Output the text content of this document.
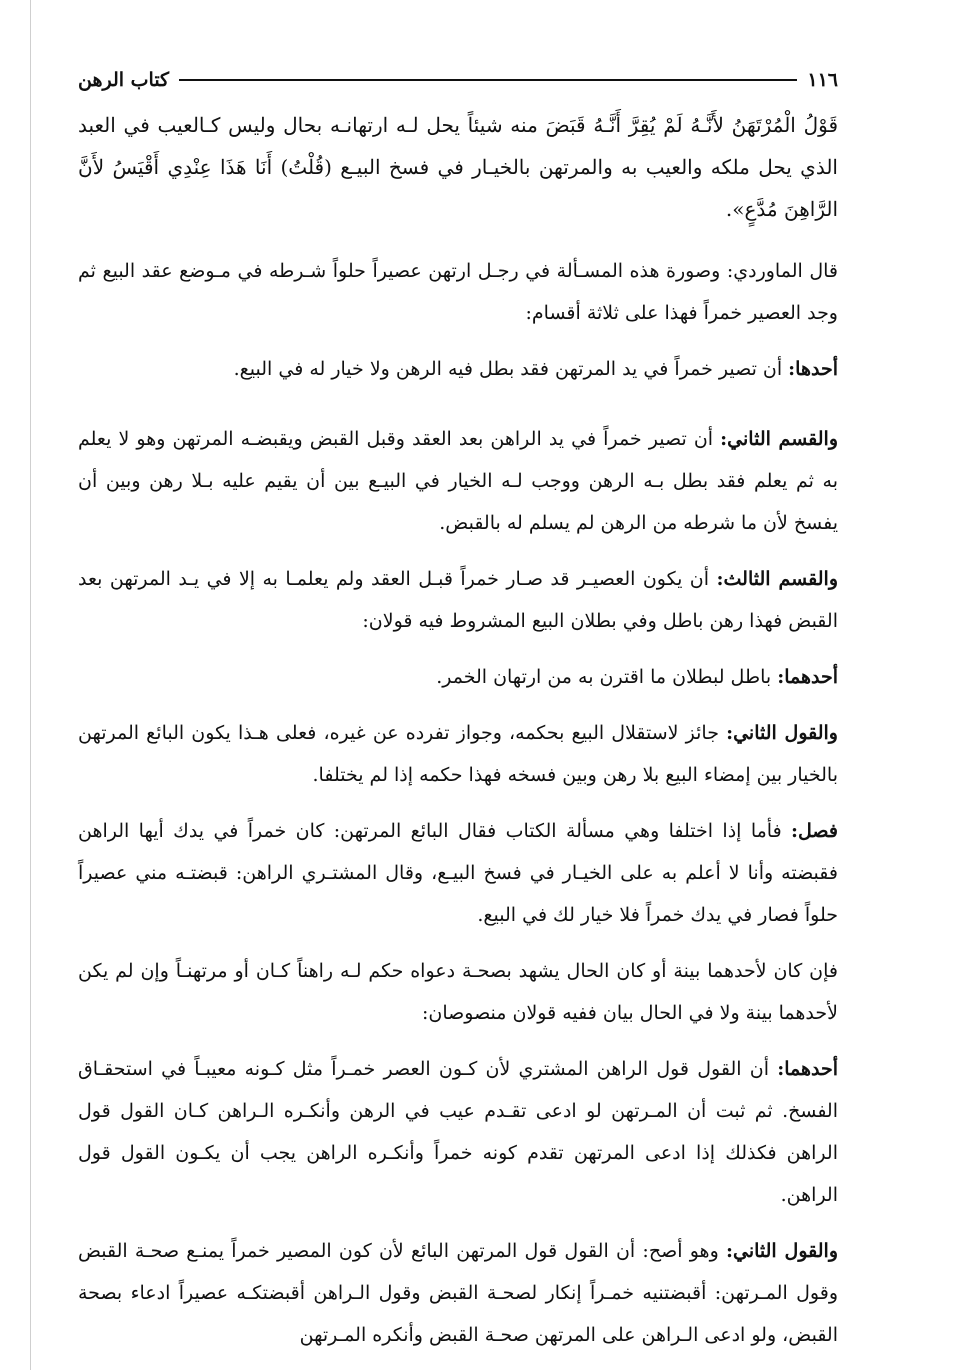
١١٦
كتاب الرهن

قَوْلُ الْمُرْتَهَنُ لأَنَّـهُ لَمْ يُقِرَّ أَنَّـهُ قَبَضَ منه شيئاً يحل لـه ارتهانـه بحال وليس كـالعيب في العبد الذي يحل ملكه والعيب به والمرتهن بالخيـار في فسخ البيـع (قُلْتُ) أَنَا هَذَا عِنْدِي أَقْيَسُ لأَنَّ الرَّاهِنَ مُدَّعٍ».

قال الماوردي: وصورة هذه المسـألة في رجـل ارتهن عصيراً حلواً شـرطه في مـوضع عقد البيع ثم وجد العصير خمراً فهذا على ثلاثة أقسام:

أحدها: أن تصير خمراً في يد المرتهن فقد بطل فيه الرهن ولا خيار له في البيع.

والقسم الثاني: أن تصير خمراً في يد الراهن بعد العقد وقبل القبض ويقبضـه المرتهن وهو لا يعلم به ثم يعلم فقد بطل بـه الرهن ووجب لـه الخيار في البيـع بين أن يقيم عليه بـلا رهن وبين أن يفسخ لأن ما شرطه من الرهن لم يسلم له بالقبض.

والقسم الثالث: أن يكون العصيـر قد صـار خمراً قبـل العقد ولم يعلمـا به إلا في يـد المرتهن بعد القبض فهذا رهن باطل وفي بطلان البيع المشروط فيه قولان:

أحدهما: باطل لبطلان ما اقترن به من ارتهان الخمر.

والقول الثاني: جائز لاستقلال البيع بحكمه، وجواز تفرده عن غيره، فعلى هـذا يكون البائع المرتهن بالخيار بين إمضاء البيع بلا رهن وبين فسخه فهذا حكمه إذا لم يختلفا.

فصل: فأما إذا اختلفا وهي مسألة الكتاب فقال البائع المرتهن: كان خمراً في يدك أيها الراهن فقبضته وأنا لا أعلم به على الخيـار في فسخ البيـع، وقال المشتـري الراهن: قبضتـه مني عصيراً حلواً فصار في يدك خمراً فلا خيار لك في البيع.

فإن كان لأحدهما بينة أو كان الحال يشهد بصحـة دعواه حكم لـه راهناً كـان أو مرتهنـاً وإن لم يكن لأحدهما بينة ولا في الحال بيان ففيه قولان منصوصان:

أحدهما: أن القول قول الراهن المشتري لأن كـون العصر خمـراً مثل كـونه معيبـاً في استحقـاق الفسخ. ثم ثبت أن المـرتهن لو ادعى تقـدم عيب في الرهن وأنكـره الـراهن كـان القول قول الراهن فكذلك إذا ادعى المرتهن تقدم كونه خمراً وأنكـره الراهن يجب أن يكـون القول قول الراهن.

والقول الثاني: وهو أصح: أن القول قول المرتهن البائع لأن كون المصير خمراً يمنـع صحـة القبض وقول المـرتهن: أقبضتنيه خمـراً إنكار لصحـة القبض وقول الـراهن أقبضتكـه عصيراً ادعاء بصحة القبض، ولو ادعى الـراهن على المرتهن صحـة القبض وأنكره المـرتهن
